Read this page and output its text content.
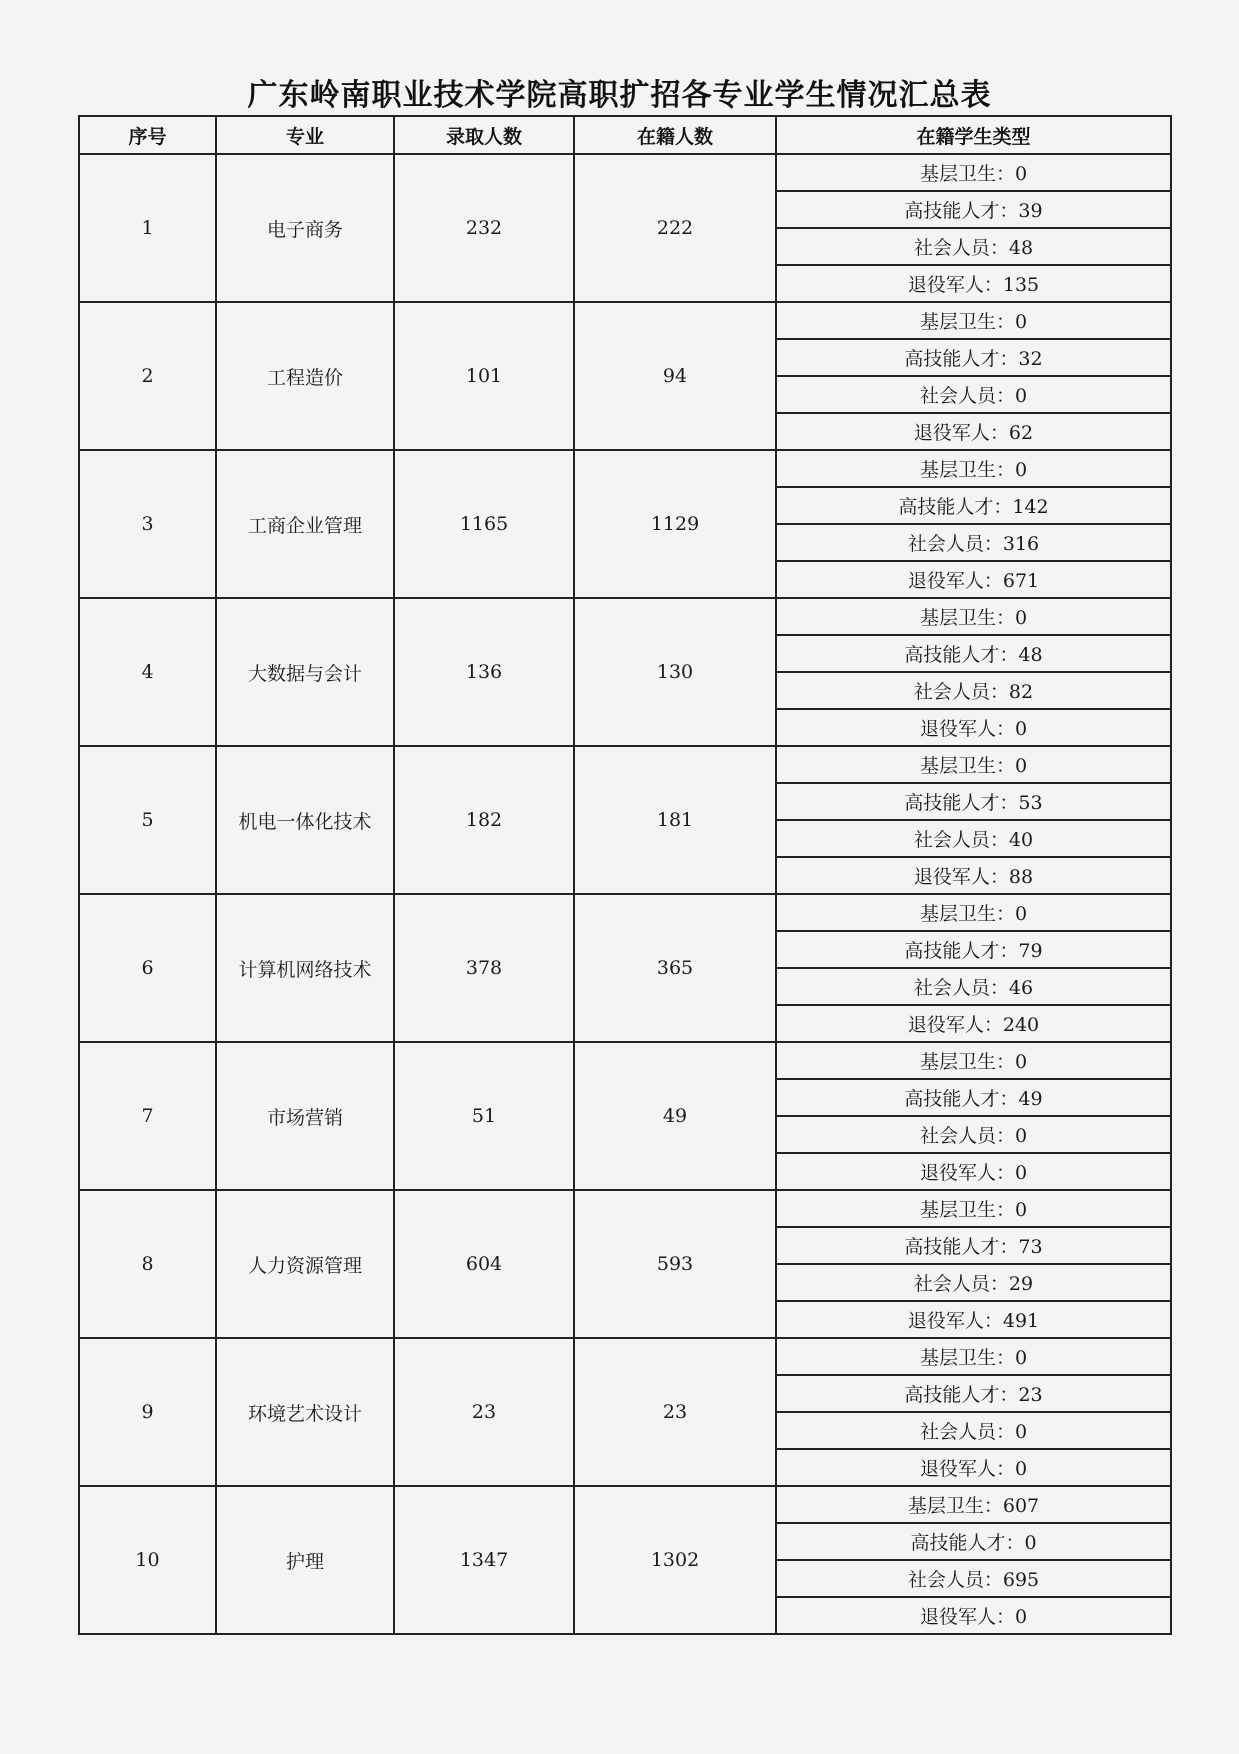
广东岭南职业技术学院高职扩招各专业学生情况汇总表
序号	专业	录取人数	在籍人数	在籍学生类型
1	电子商务	232	222	基层卫生：0
				高技能人才：39
				社会人员：48
				退役军人：135
2	工程造价	101	94	基层卫生：0
				高技能人才：32
				社会人员：0
				退役军人：62
3	工商企业管理	1165	1129	基层卫生：0
				高技能人才：142
				社会人员：316
				退役军人：671
4	大数据与会计	136	130	基层卫生：0
				高技能人才：48
				社会人员：82
				退役军人：0
5	机电一体化技术	182	181	基层卫生：0
				高技能人才：53
				社会人员：40
				退役军人：88
6	计算机网络技术	378	365	基层卫生：0
				高技能人才：79
				社会人员：46
				退役军人：240
7	市场营销	51	49	基层卫生：0
				高技能人才：49
				社会人员：0
				退役军人：0
8	人力资源管理	604	593	基层卫生：0
				高技能人才：73
				社会人员：29
				退役军人：491
9	环境艺术设计	23	23	基层卫生：0
				高技能人才：23
				社会人员：0
				退役军人：0
10	护理	1347	1302	基层卫生：607
				高技能人才：0
				社会人员：695
				退役军人：0
